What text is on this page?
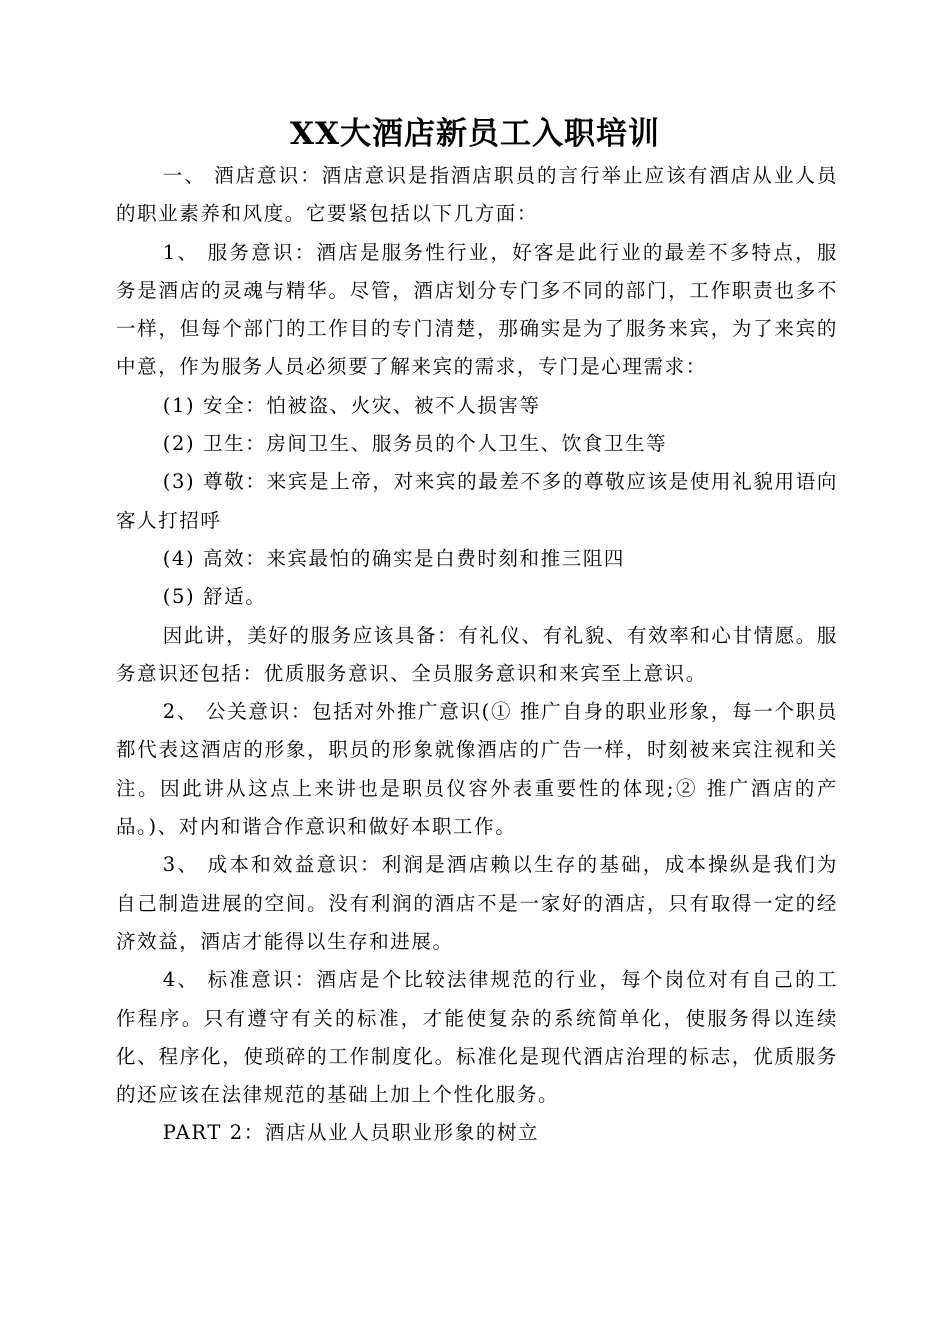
XX大酒店新员工入职培训

一、 酒店意识：酒店意识是指酒店职员的言行举止应该有酒店从业人员的职业素养和风度。它要紧包括以下几方面：

1、 服务意识：酒店是服务性行业，好客是此行业的最差不多特点，服务是酒店的灵魂与精华。尽管，酒店划分专门多不同的部门，工作职责也多不一样，但每个部门的工作目的专门清楚，那确实是为了服务来宾，为了来宾的中意，作为服务人员必须要了解来宾的需求，专门是心理需求：

(1) 安全：怕被盗、火灾、被不人损害等

(2) 卫生：房间卫生、服务员的个人卫生、饮食卫生等

(3) 尊敬：来宾是上帝，对来宾的最差不多的尊敬应该是使用礼貌用语向客人打招呼

(4) 高效：来宾最怕的确实是白费时刻和推三阻四

(5) 舒适。

因此讲，美好的服务应该具备：有礼仪、有礼貌、有效率和心甘情愿。服务意识还包括：优质服务意识、全员服务意识和来宾至上意识。

2、 公关意识：包括对外推广意识(① 推广自身的职业形象，每一个职员都代表这酒店的形象，职员的形象就像酒店的广告一样，时刻被来宾注视和关注。因此讲从这点上来讲也是职员仪容外表重要性的体现;② 推广酒店的产品。)、对内和谐合作意识和做好本职工作。

3、 成本和效益意识：利润是酒店赖以生存的基础，成本操纵是我们为自己制造进展的空间。没有利润的酒店不是一家好的酒店，只有取得一定的经济效益，酒店才能得以生存和进展。

4、 标准意识：酒店是个比较法律规范的行业，每个岗位对有自己的工作程序。只有遵守有关的标准，才能使复杂的系统简单化，使服务得以连续化、程序化，使琐碎的工作制度化。标准化是现代酒店治理的标志，优质服务的还应该在法律规范的基础上加上个性化服务。

PART 2：酒店从业人员职业形象的树立
